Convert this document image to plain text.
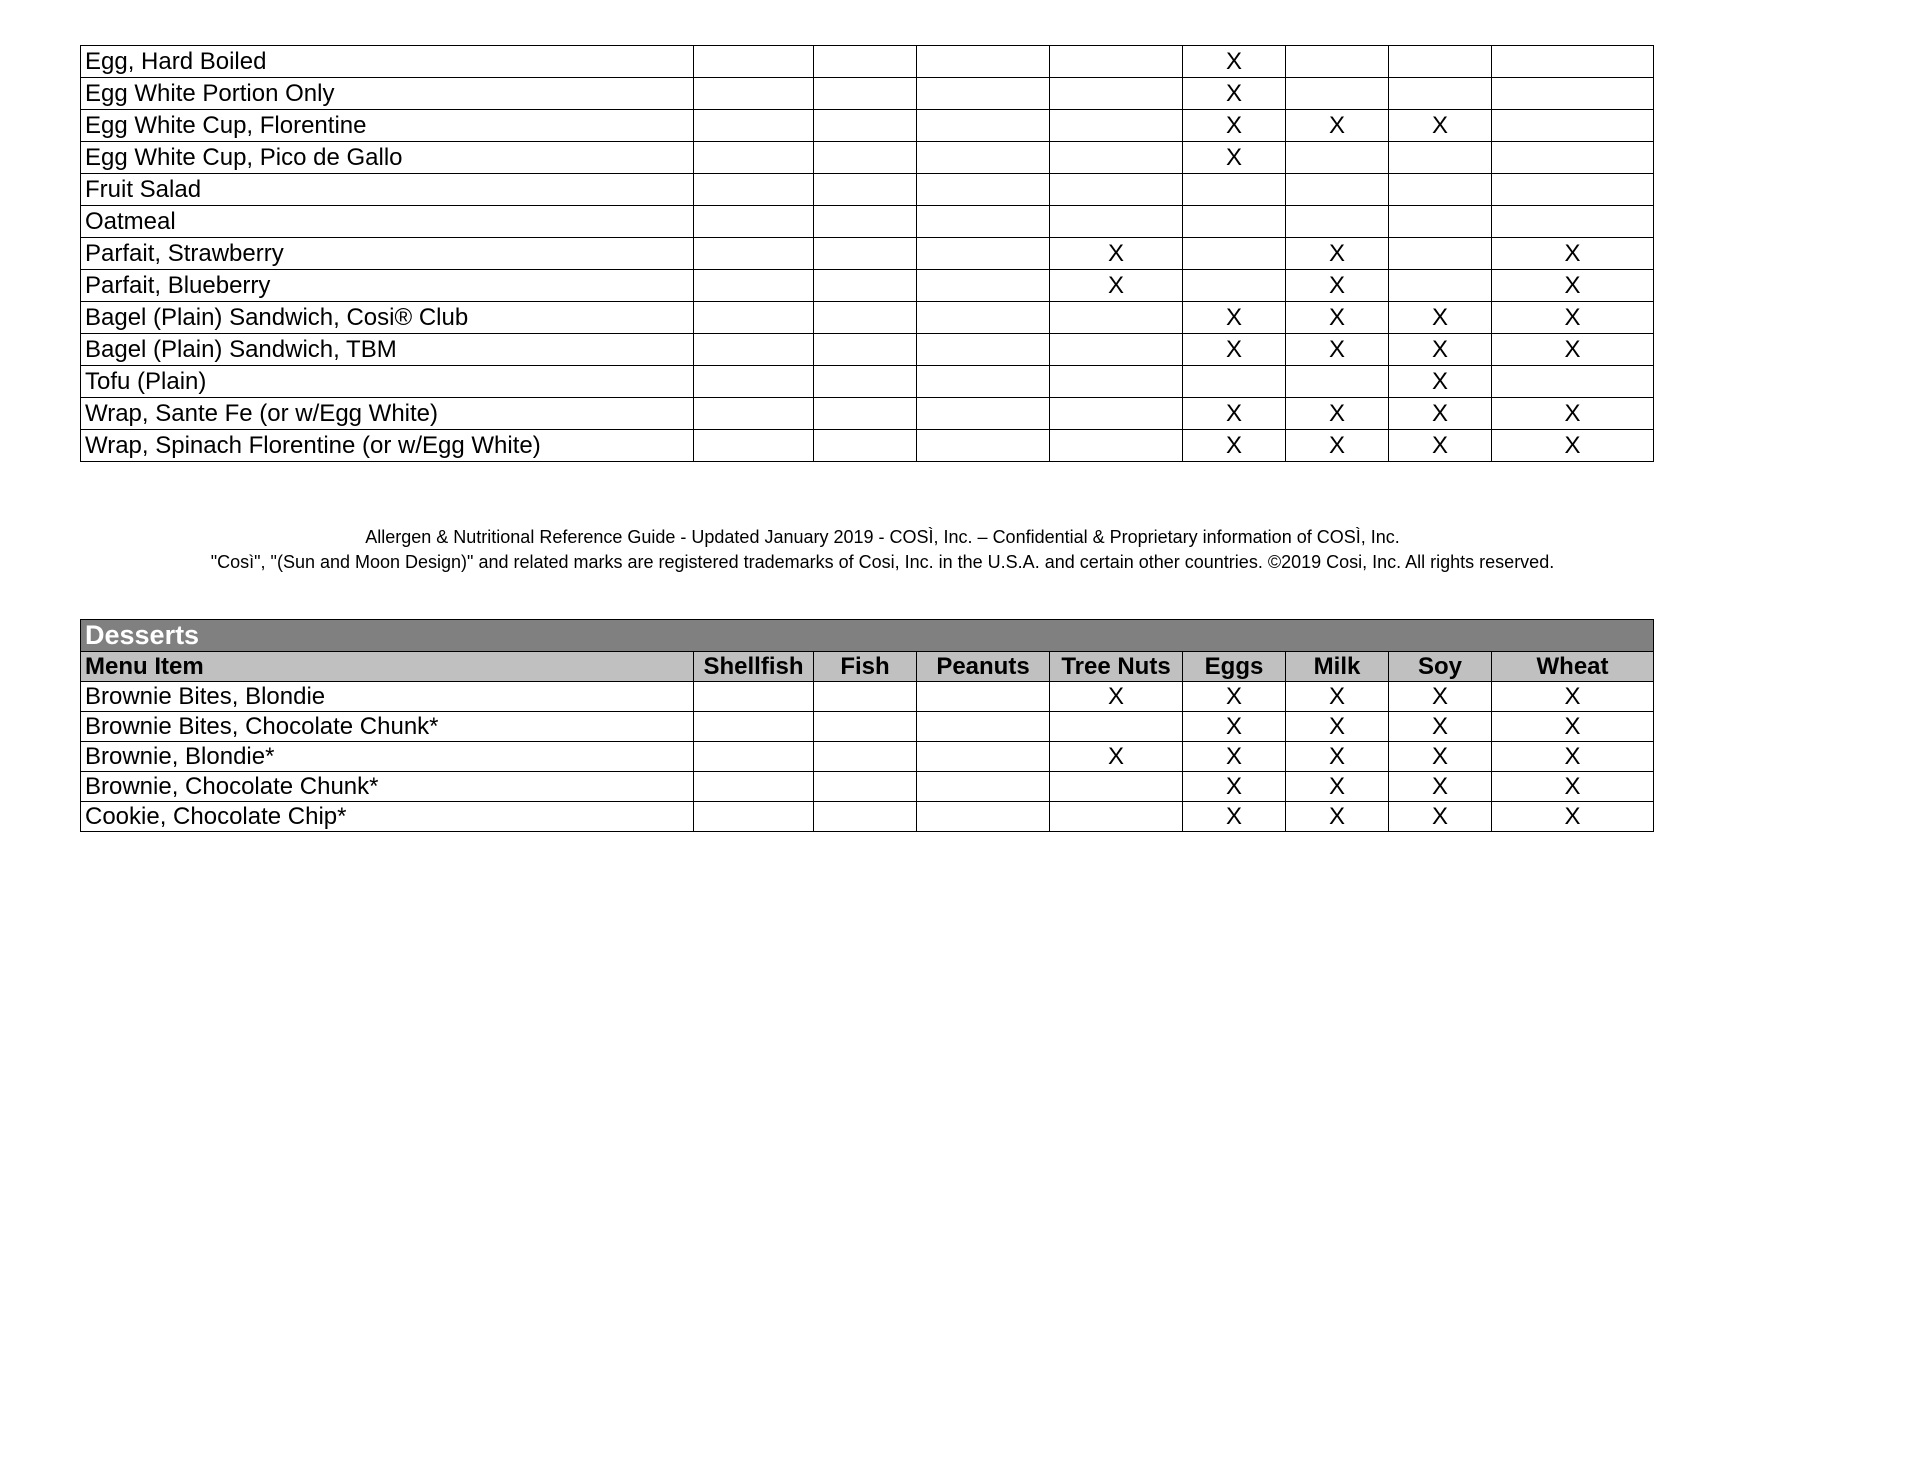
Egg, Hard Boiled					X			
Egg White Portion Only					X			
Egg White Cup, Florentine					X	X	X	
Egg White Cup, Pico de Gallo					X			
Fruit Salad								
Oatmeal								
Parfait, Strawberry				X		X		X
Parfait, Blueberry				X		X		X
Bagel (Plain) Sandwich, Cosi® Club					X	X	X	X
Bagel (Plain) Sandwich, TBM					X	X	X	X
Tofu (Plain)							X	
Wrap, Sante Fe (or w/Egg White)					X	X	X	X
Wrap, Spinach Florentine (or w/Egg White)					X	X	X	X
Allergen & Nutritional Reference Guide - Updated January 2019 - COSÌ, Inc. – Confidential & Proprietary information of COSÌ, Inc.
"Così", "(Sun and Moon Design)" and related marks are registered trademarks of Cosi, Inc. in the U.S.A. and certain other countries. ©2019 Cosi, Inc. All rights reserved.
Desserts								
Menu Item	Shellfish	Fish	Peanuts	Tree Nuts	Eggs	Milk	Soy	Wheat
Brownie Bites, Blondie				X	X	X	X	X
Brownie Bites, Chocolate Chunk*					X	X	X	X
Brownie, Blondie*				X	X	X	X	X
Brownie, Chocolate Chunk*					X	X	X	X
Cookie, Chocolate Chip*					X	X	X	X
